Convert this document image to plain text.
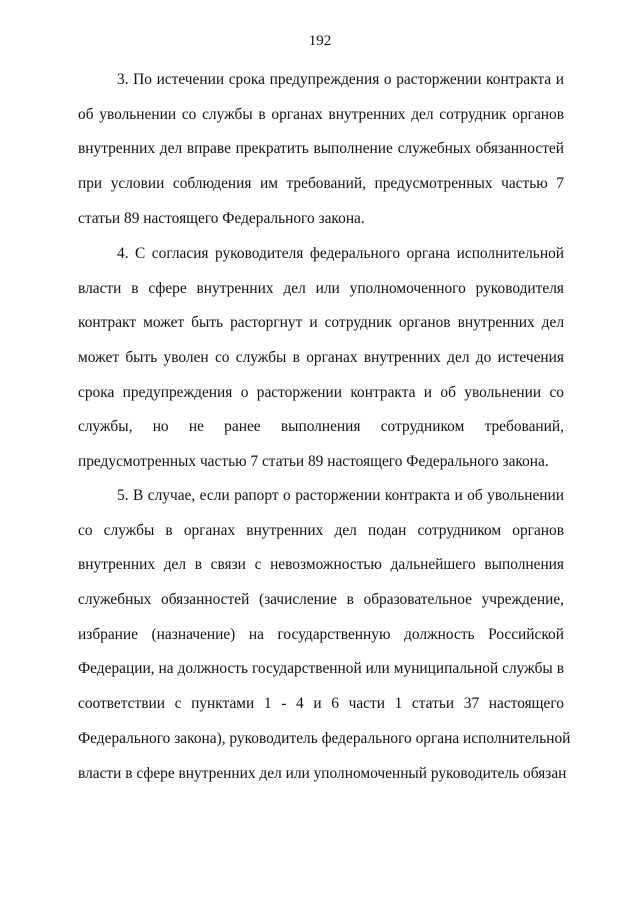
192
3. По истечении срока предупреждения о расторжении контракта и
об увольнении со службы в органах внутренних дел сотрудник органов
внутренних дел вправе прекратить выполнение служебных обязанностей
при условии соблюдения им требований, предусмотренных частью 7
статьи 89 настоящего Федерального закона.
4. С согласия руководителя федерального органа исполнительной
власти в сфере внутренних дел или уполномоченного руководителя
контракт может быть расторгнут и сотрудник органов внутренних дел
может быть уволен со службы в органах внутренних дел до истечения
срока предупреждения о расторжении контракта и об увольнении со
службы, но не ранее выполнения сотрудником требований,
предусмотренных частью 7 статьи 89 настоящего Федерального закона.
5. В случае, если рапорт о расторжении контракта и об увольнении
со службы в органах внутренних дел подан сотрудником органов
внутренних дел в связи с невозможностью дальнейшего выполнения
служебных обязанностей (зачисление в образовательное учреждение,
избрание (назначение) на государственную должность Российской
Федерации, на должность государственной или муниципальной службы в
соответствии с пунктами 1 - 4 и 6 части 1 статьи 37 настоящего
Федерального закона), руководитель федерального органа исполнительной
власти в сфере внутренних дел или уполномоченный руководитель обязан
